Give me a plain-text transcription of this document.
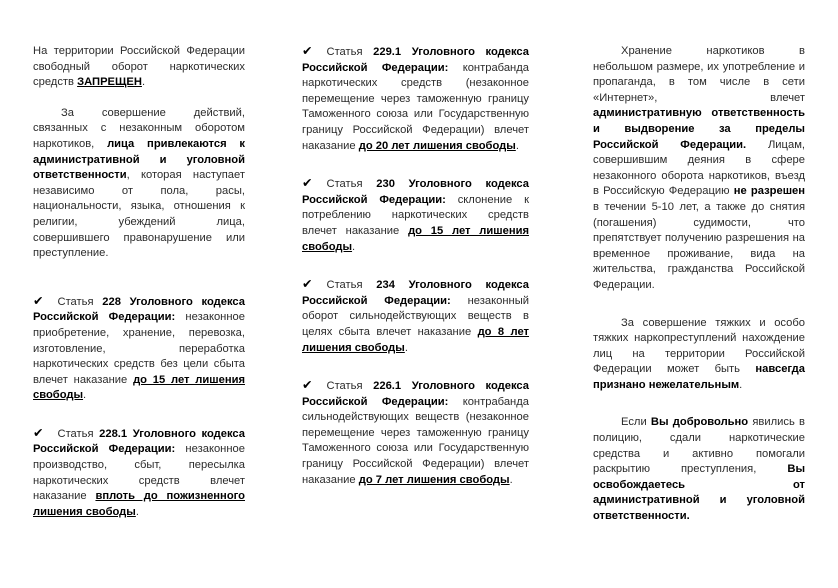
На территории Российской Федерации свободный оборот наркотических средств ЗАПРЕЩЕН.

За совершение действий, связанных с незаконным оборотом наркотиков, лица привлекаются к административной и уголовной ответственности, которая наступает независимо от пола, расы, национальности, языка, отношения к религии, убеждений лица, совершившего правонарушение или преступление.

✔ Статья 228 Уголовного кодекса Российской Федерации: незаконное приобретение, хранение, перевозка, изготовление, переработка наркотических средств без цели сбыта влечет наказание до 15 лет лишения свободы.

✔ Статья 228.1 Уголовного кодекса Российской Федерации: незаконное производство, сбыт, пересылка наркотических средств влечет наказание вплоть до пожизненного лишения свободы.

✔ Статья 229.1 Уголовного кодекса Российской Федерации: контрабанда наркотических средств (незаконное перемещение через таможенную границу Таможенного союза или Государственную границу Российской Федерации) влечет наказание до 20 лет лишения свободы.

✔ Статья 230 Уголовного кодекса Российской Федерации: склонение к потреблению наркотических средств влечет наказание до 15 лет лишения свободы.

✔ Статья 234 Уголовного кодекса Российской Федерации: незаконный оборот сильнодействующих веществ в целях сбыта влечет наказание до 8 лет лишения свободы.

✔ Статья 226.1 Уголовного кодекса Российской Федерации: контрабанда сильнодействующих веществ (незаконное перемещение через таможенную границу Таможенного союза или Государственную границу Российской Федерации) влечет наказание до 7 лет лишения свободы.

Хранение наркотиков в небольшом размере, их употребление и пропаганда, в том числе в сети «Интернет», влечет административную ответственность и выдворение за пределы Российской Федерации. Лицам, совершившим деяния в сфере незаконного оборота наркотиков, въезд в Российскую Федерацию не разрешен в течении 5-10 лет, а также до снятия (погашения) судимости, что препятствует получению разрешения на временное проживание, вида на жительства, гражданства Российской Федерации.

За совершение тяжких и особо тяжких наркопреступлений нахождение лиц на территории Российской Федерации может быть навсегда признано нежелательным.

Если Вы добровольно явились в полицию, сдали наркотические средства и активно помогали раскрытию преступления, Вы освобождаетесь от административной и уголовной ответственности.
